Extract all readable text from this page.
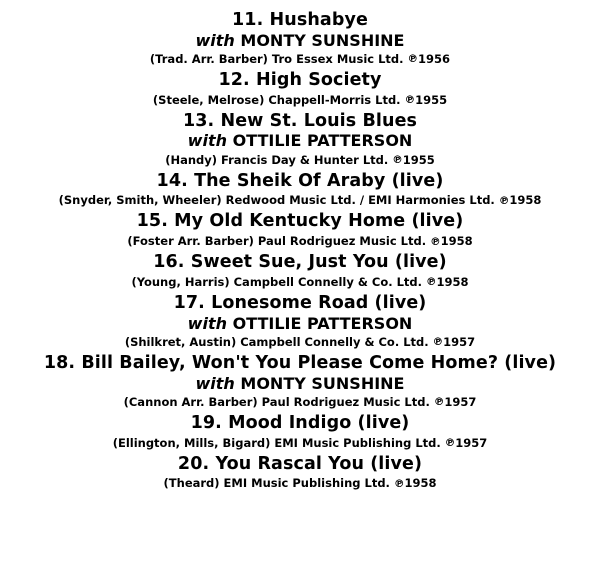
11. Hushabye
with MONTY SUNSHINE
(Trad. Arr. Barber) Tro Essex Music Ltd. ℗1956
12. High Society
(Steele, Melrose) Chappell-Morris Ltd. ℗1955
13. New St. Louis Blues
with OTTILIE PATTERSON
(Handy) Francis Day & Hunter Ltd. ℗1955
14. The Sheik Of Araby (live)
(Snyder, Smith, Wheeler) Redwood Music Ltd. / EMI Harmonies Ltd. ℗1958
15. My Old Kentucky Home (live)
(Foster Arr. Barber) Paul Rodriguez Music Ltd. ℗1958
16. Sweet Sue, Just You (live)
(Young, Harris) Campbell Connelly & Co. Ltd. ℗1958
17. Lonesome Road (live)
with OTTILIE PATTERSON
(Shilkret, Austin) Campbell Connelly & Co. Ltd. ℗1957
18. Bill Bailey, Won't You Please Come Home? (live)
with MONTY SUNSHINE
(Cannon Arr. Barber) Paul Rodriguez Music Ltd. ℗1957
19. Mood Indigo (live)
(Ellington, Mills, Bigard) EMI Music Publishing Ltd. ℗1957
20. You Rascal You (live)
(Theard) EMI Music Publishing Ltd. ℗1958
